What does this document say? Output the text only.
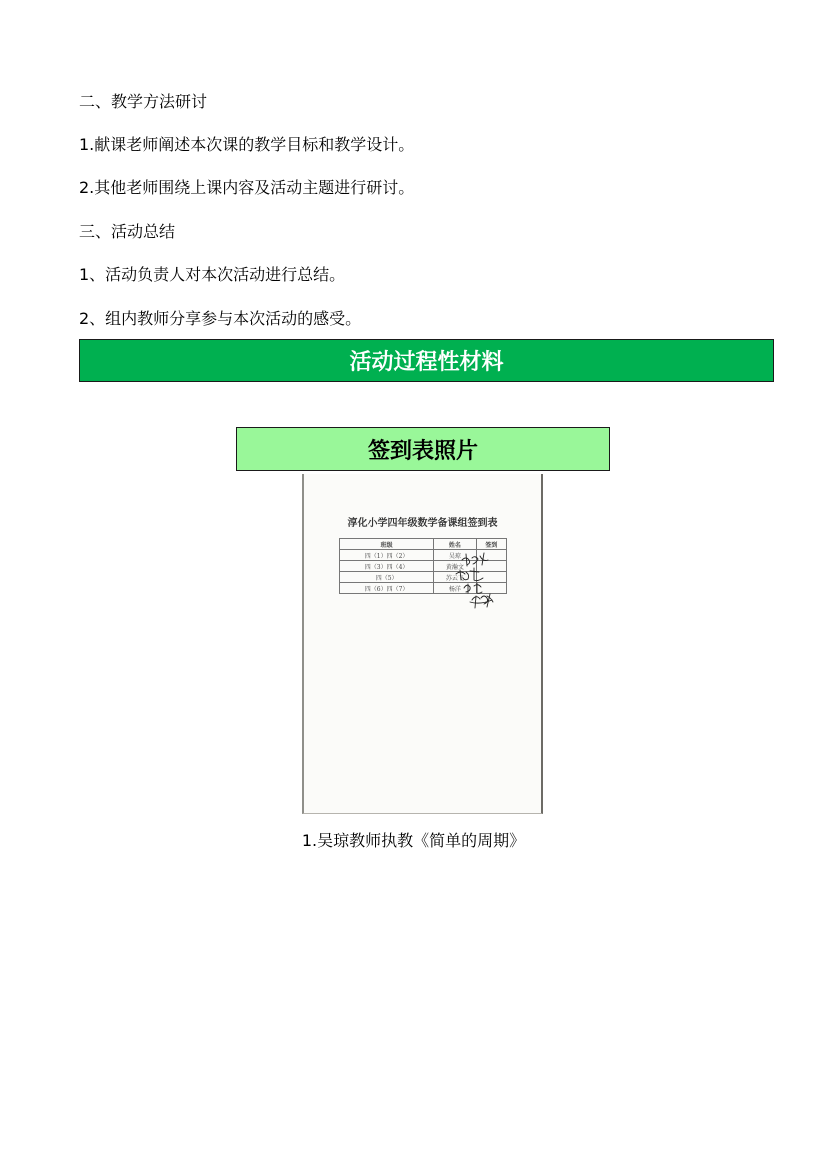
二、教学方法研讨
1.献课老师阐述本次课的教学目标和教学设计。
2.其他老师围绕上课内容及活动主题进行研讨。
三、活动总结
1、活动负责人对本次活动进行总结。
2、组内教师分享参与本次活动的感受。
活动过程性材料
签到表照片
淳化小学四年级数学备课组签到表
班级	姓名	签到
四（1）四（2）	吴琼	
四（3）四（4）	黄瀚文	
四（5）	苏云飞	
四（6）四（7）	杨洋	
1.吴琼教师执教《简单的周期》
